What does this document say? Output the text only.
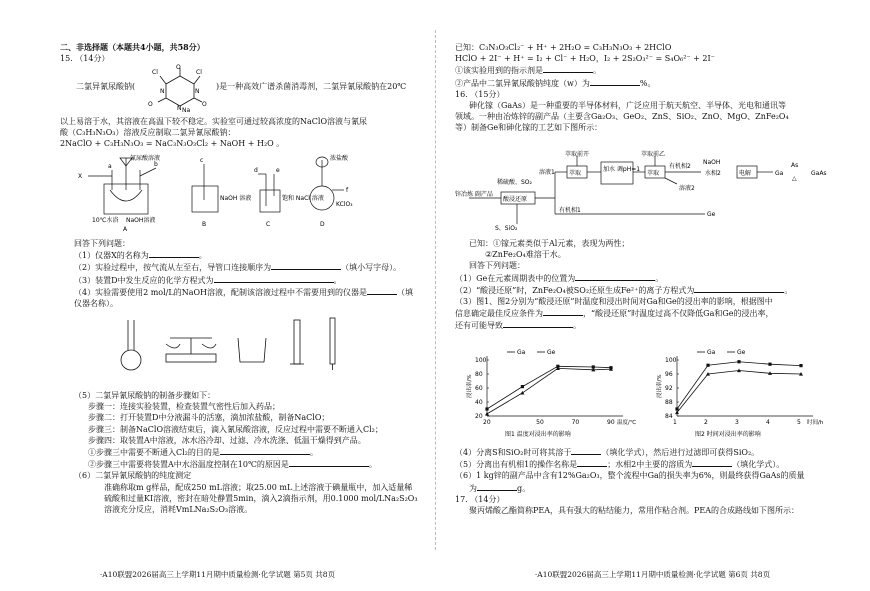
二、非选择题（本题共4小题，共58分）
15. （14分）
二氯异氰尿酸钠(
O
Cl
Cl
O
O
Na
N
N
N
)是一种高效广谱杀菌消毒剂，二氯异氰尿酸钠在20℃
以上易溶于水，其溶液在高温下较不稳定。实验室可通过较高浓度的NaClO溶液与氰尿
酸（C₃H₃N₃O₃）溶液反应制取二氯异氰尿酸钠：
2NaClO + C₃H₃N₃O₃ = NaC₃N₃O₃Cl₂ + NaOH + H₂O 。
氰尿酸溶液
X
a	b
c
d	e
f
10℃水浴 NaOH溶液
A
NaOH 溶液
B
饱和 NaCl 溶液
C
浓盐酸
KClO₃
D
回答下列问题：
（1）仪器X的名称为	。
（2）实验过程中，按气流从左至右，导管口连接顺序为	（填小写字母）。
（3）装置D中发生反应的化学方程式为	。
（4）实验需要使用2 mol/L的NaOH溶液，配制该溶液过程中不需要用到的仪器是	（填
仪器名称）。
（5）二氯异氰尿酸钠的制备步骤如下：
步骤一：连接实验装置，检查装置气密性后加入药品；
步骤二：打开装置D中分液漏斗的活塞，滴加浓盐酸，制备NaClO；
步骤三：制备NaClO溶液结束后，滴入氰尿酸溶液，反应过程中需要不断通入Cl₂；
步骤四：取装置A中溶液，冰水浴冷却、过滤、冷水洗涤、低温干燥得到产品。
①步骤三中需要不断通入Cl₂的目的是	。
②步骤三中需要将装置A中水浴温度控制在10℃的原因是	。
（6）二氯异氰尿酸钠的纯度测定
准确称取m g样品，配成250 mL溶液；取25.00 mL上述溶液于碘量瓶中，加入适量稀
硫酸和过量KI溶液，密封在暗处静置5min，滴入2滴指示剂，用0.1000 mol/LNa₂S₂O₃
溶液充分反应，消耗VmLNa₂S₂O₃溶液。
·A10联盟2026届高三上学期11月期中质量检测·化学试题 第5页 共8页
已知：C₃N₃O₃Cl₂⁻ + H⁺ + 2H₂O = C₃H₃N₃O₃ + 2HClO
HClO + 2I⁻ + H⁺ = I₂ + Cl⁻ + H₂O，I₂ + 2S₂O₃²⁻ = S₄O₆²⁻ + 2I⁻
①该实验用到的指示剂是	。
②产品中二氯异氰尿酸钠纯度（w）为	%。
16. （15分）
砷化镓（GaAs）是一种重要的半导体材料，广泛应用于航天航空、半导体、光电和通讯等
领域。一种由冶炼锌的副产品（主要含Ga₂O₃、GeO₂、ZnS、SiO₂、ZnO、MgO、ZnFe₂O₄
等）制备Ge和砷化镓的工艺如下图所示：
萃取前开	萃取前乙
锌冶炼 副产品
稀硫酸、SO₂
酸浸还原
溶液1 萃取
加水 调pH=1
萃取
有机相2
NaOH
水相2	电解	Ga
As
△
GaAs
溶液2
有机相1
Ge
S、SiO₂
已知：①镓元素类似于Al元素，表现为两性；
②ZnFe₂O₄难溶于水。
回答下列问题：
（1）Ge在元素周期表中的位置为	。
（2）“酸浸还原”时，ZnFe₂O₄被SO₂还原生成Fe²⁺的离子方程式为	。
（3）图1、图2分别为“酸浸还原”时温度和浸出时间对Ga和Ge的浸出率的影响，根据图中
信息确定最佳反应条件为	，“酸浸还原”时温度过高不仅降低Ga和Ge的浸出率，
还有可能导致	。
20	50	70	90
20
40
60
80
100
浸出率/%
温度/℃
图1 温度对浸出率的影响
Ga	Ge
1	2	3	4	5
84
88
92
96
100
浸出率/%
时间/h
图2 时间对浸出率的影响
Ga	Ge
（4）分离S和SiO₂时可将其溶于	（填化学式），然后进行过滤即可获得SiO₂。
（5）分离出有机相1的操作名称是	；水相2中主要的溶质为	（填化学式）。
（6）1 kg锌的副产品中含有12%Ga₂O₃，整个流程中Ga的损失率为6%，则最终获得GaAs的质量
为	g。
17. （14分）
聚丙烯酸乙酯简称PEA，具有强大的粘结能力，常用作粘合剂。PEA的合成路线如下图所示：
·A10联盟2026届高三上学期11月期中质量检测·化学试题 第6页 共8页
